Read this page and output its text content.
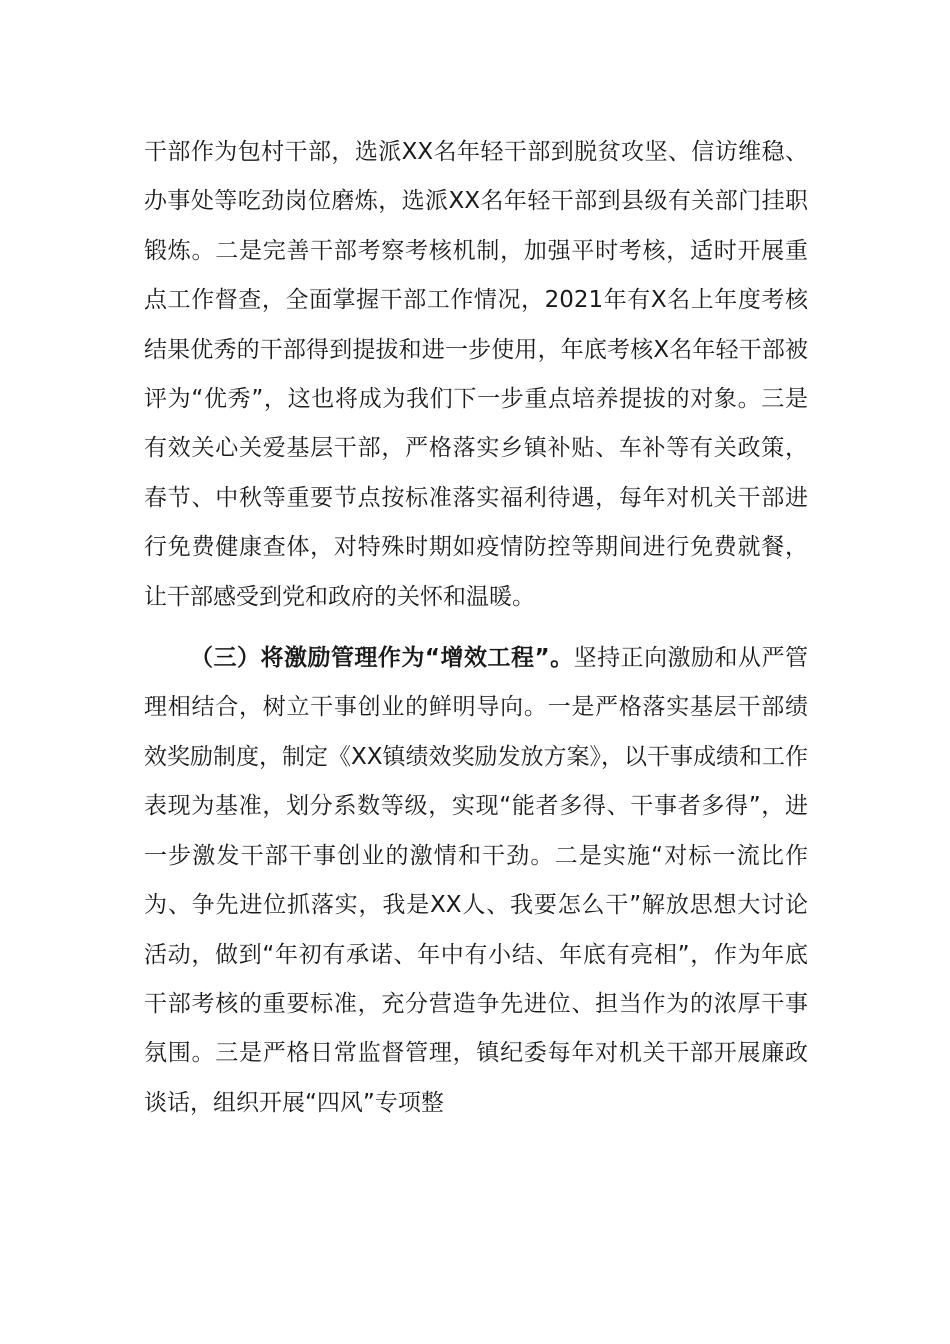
干部作为包村干部，选派XX名年轻干部到脱贫攻坚、信访维稳、办事处等吃劲岗位磨炼，选派XX名年轻干部到县级有关部门挂职锻炼。二是完善干部考察考核机制，加强平时考核，适时开展重点工作督查，全面掌握干部工作情况，2021年有X名上年度考核结果优秀的干部得到提拔和进一步使用，年底考核X名年轻干部被评为“优秀”，这也将成为我们下一步重点培养提拔的对象。三是有效关心关爱基层干部，严格落实乡镇补贴、车补等有关政策，春节、中秋等重要节点按标准落实福利待遇，每年对机关干部进行免费健康查体，对特殊时期如疫情防控等期间进行免费就餐，让干部感受到党和政府的关怀和温暖。

（三）将激励管理作为“增效工程”。坚持正向激励和从严管理相结合，树立干事创业的鲜明导向。一是严格落实基层干部绩效奖励制度，制定《XX镇绩效奖励发放方案》，以干事成绩和工作表现为基准，划分系数等级，实现“能者多得、干事者多得”，进一步激发干部干事创业的激情和干劲。二是实施“对标一流比作为、争先进位抓落实，我是XX人、我要怎么干”解放思想大讨论活动，做到“年初有承诺、年中有小结、年底有亮相”，作为年底干部考核的重要标准，充分营造争先进位、担当作为的浓厚干事氛围。三是严格日常监督管理，镇纪委每年对机关干部开展廉政谈话，组织开展“四风”专项整
